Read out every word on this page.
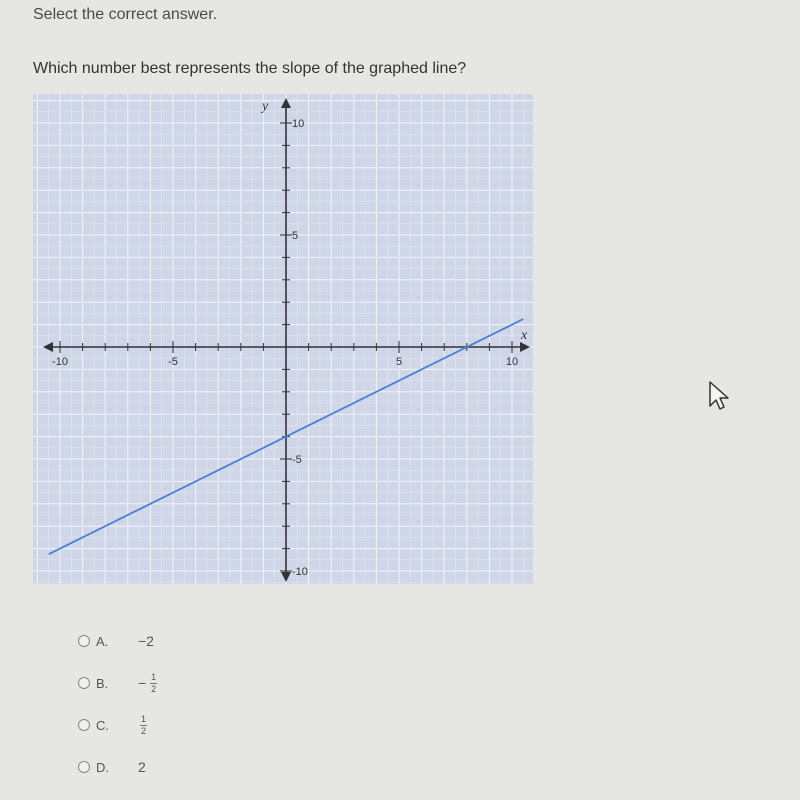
Select the correct answer.
Which number best represents the slope of the graphed line?
-10	-5	5	10
10
5
-5
-10
x
y
A.	−2
B.	− $\frac{1}{2}$
C.	$\frac{1}{2}$
D.	2
